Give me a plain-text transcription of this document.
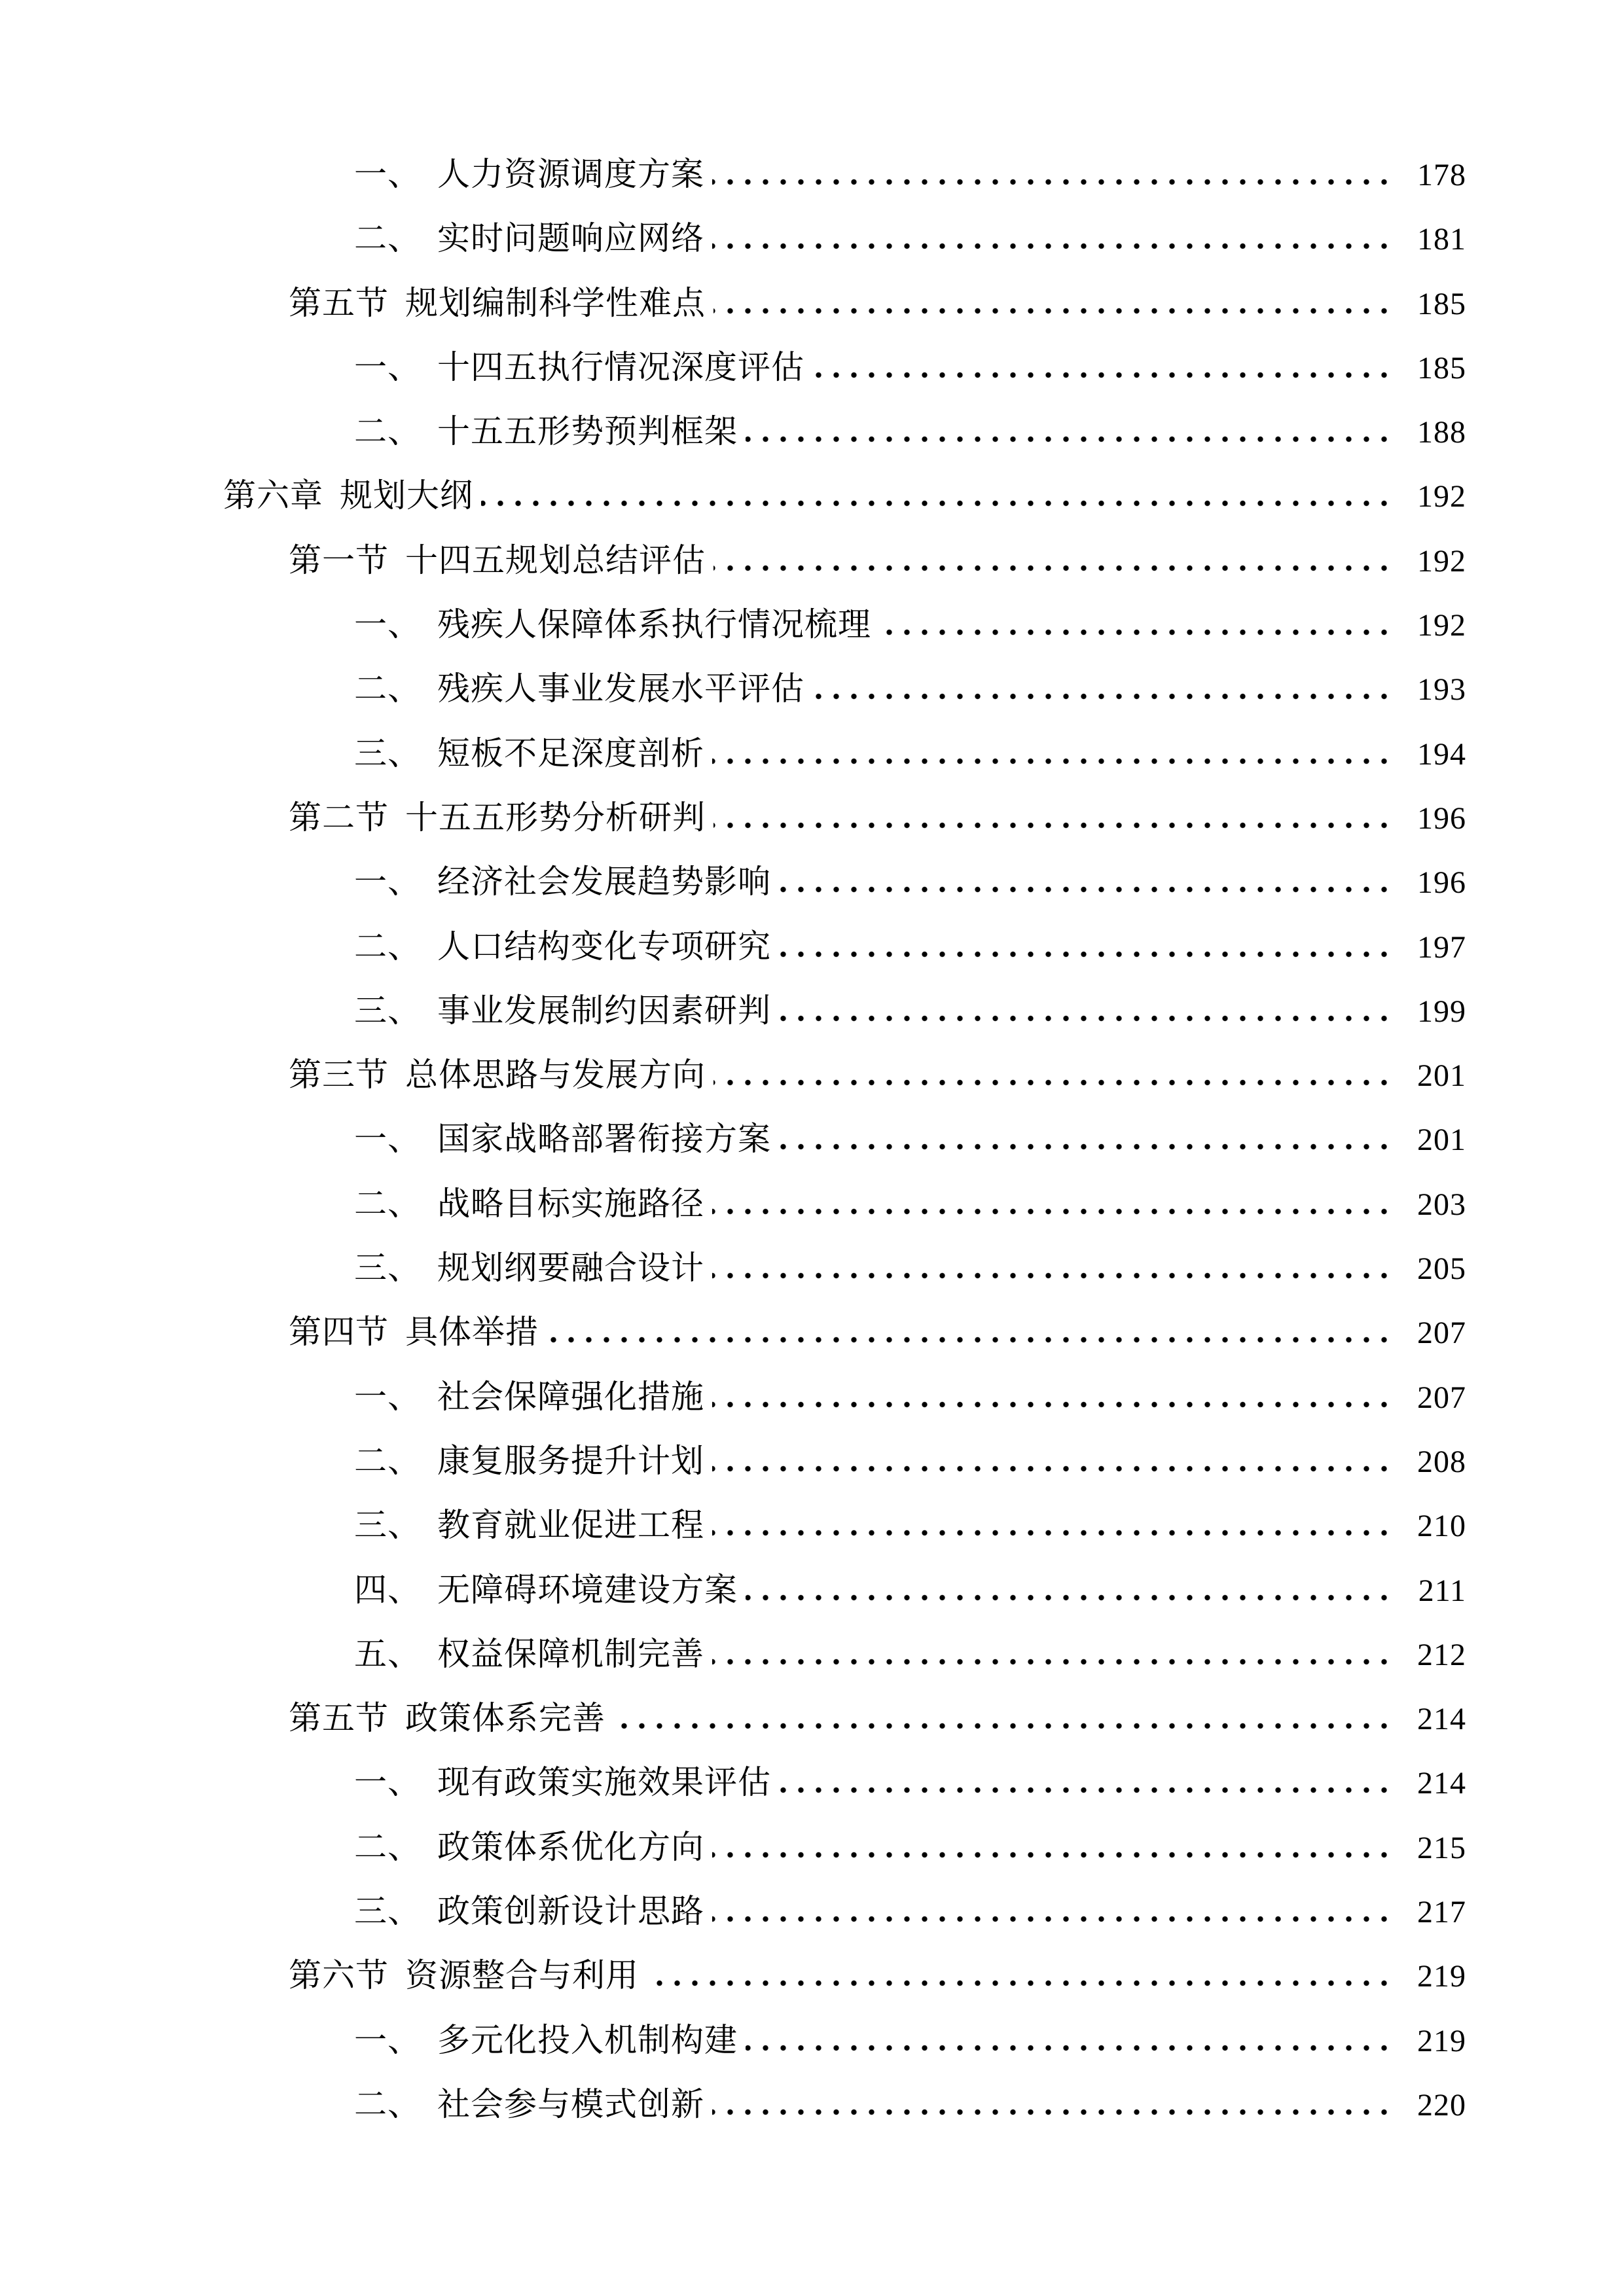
一、 人力资源调度方案	178
二、 实时问题响应网络	181
第五节 规划编制科学性难点	185
一、 十四五执行情况深度评估	185
二、 十五五形势预判框架	188
第六章 规划大纲	192
第一节 十四五规划总结评估	192
一、 残疾人保障体系执行情况梳理	192
二、 残疾人事业发展水平评估	193
三、 短板不足深度剖析	194
第二节 十五五形势分析研判	196
一、 经济社会发展趋势影响	196
二、 人口结构变化专项研究	197
三、 事业发展制约因素研判	199
第三节 总体思路与发展方向	201
一、 国家战略部署衔接方案	201
二、 战略目标实施路径	203
三、 规划纲要融合设计	205
第四节 具体举措	207
一、 社会保障强化措施	207
二、 康复服务提升计划	208
三、 教育就业促进工程	210
四、 无障碍环境建设方案	211
五、 权益保障机制完善	212
第五节 政策体系完善	214
一、 现有政策实施效果评估	214
二、 政策体系优化方向	215
三、 政策创新设计思路	217
第六节 资源整合与利用	219
一、 多元化投入机制构建	219
二、 社会参与模式创新	220
